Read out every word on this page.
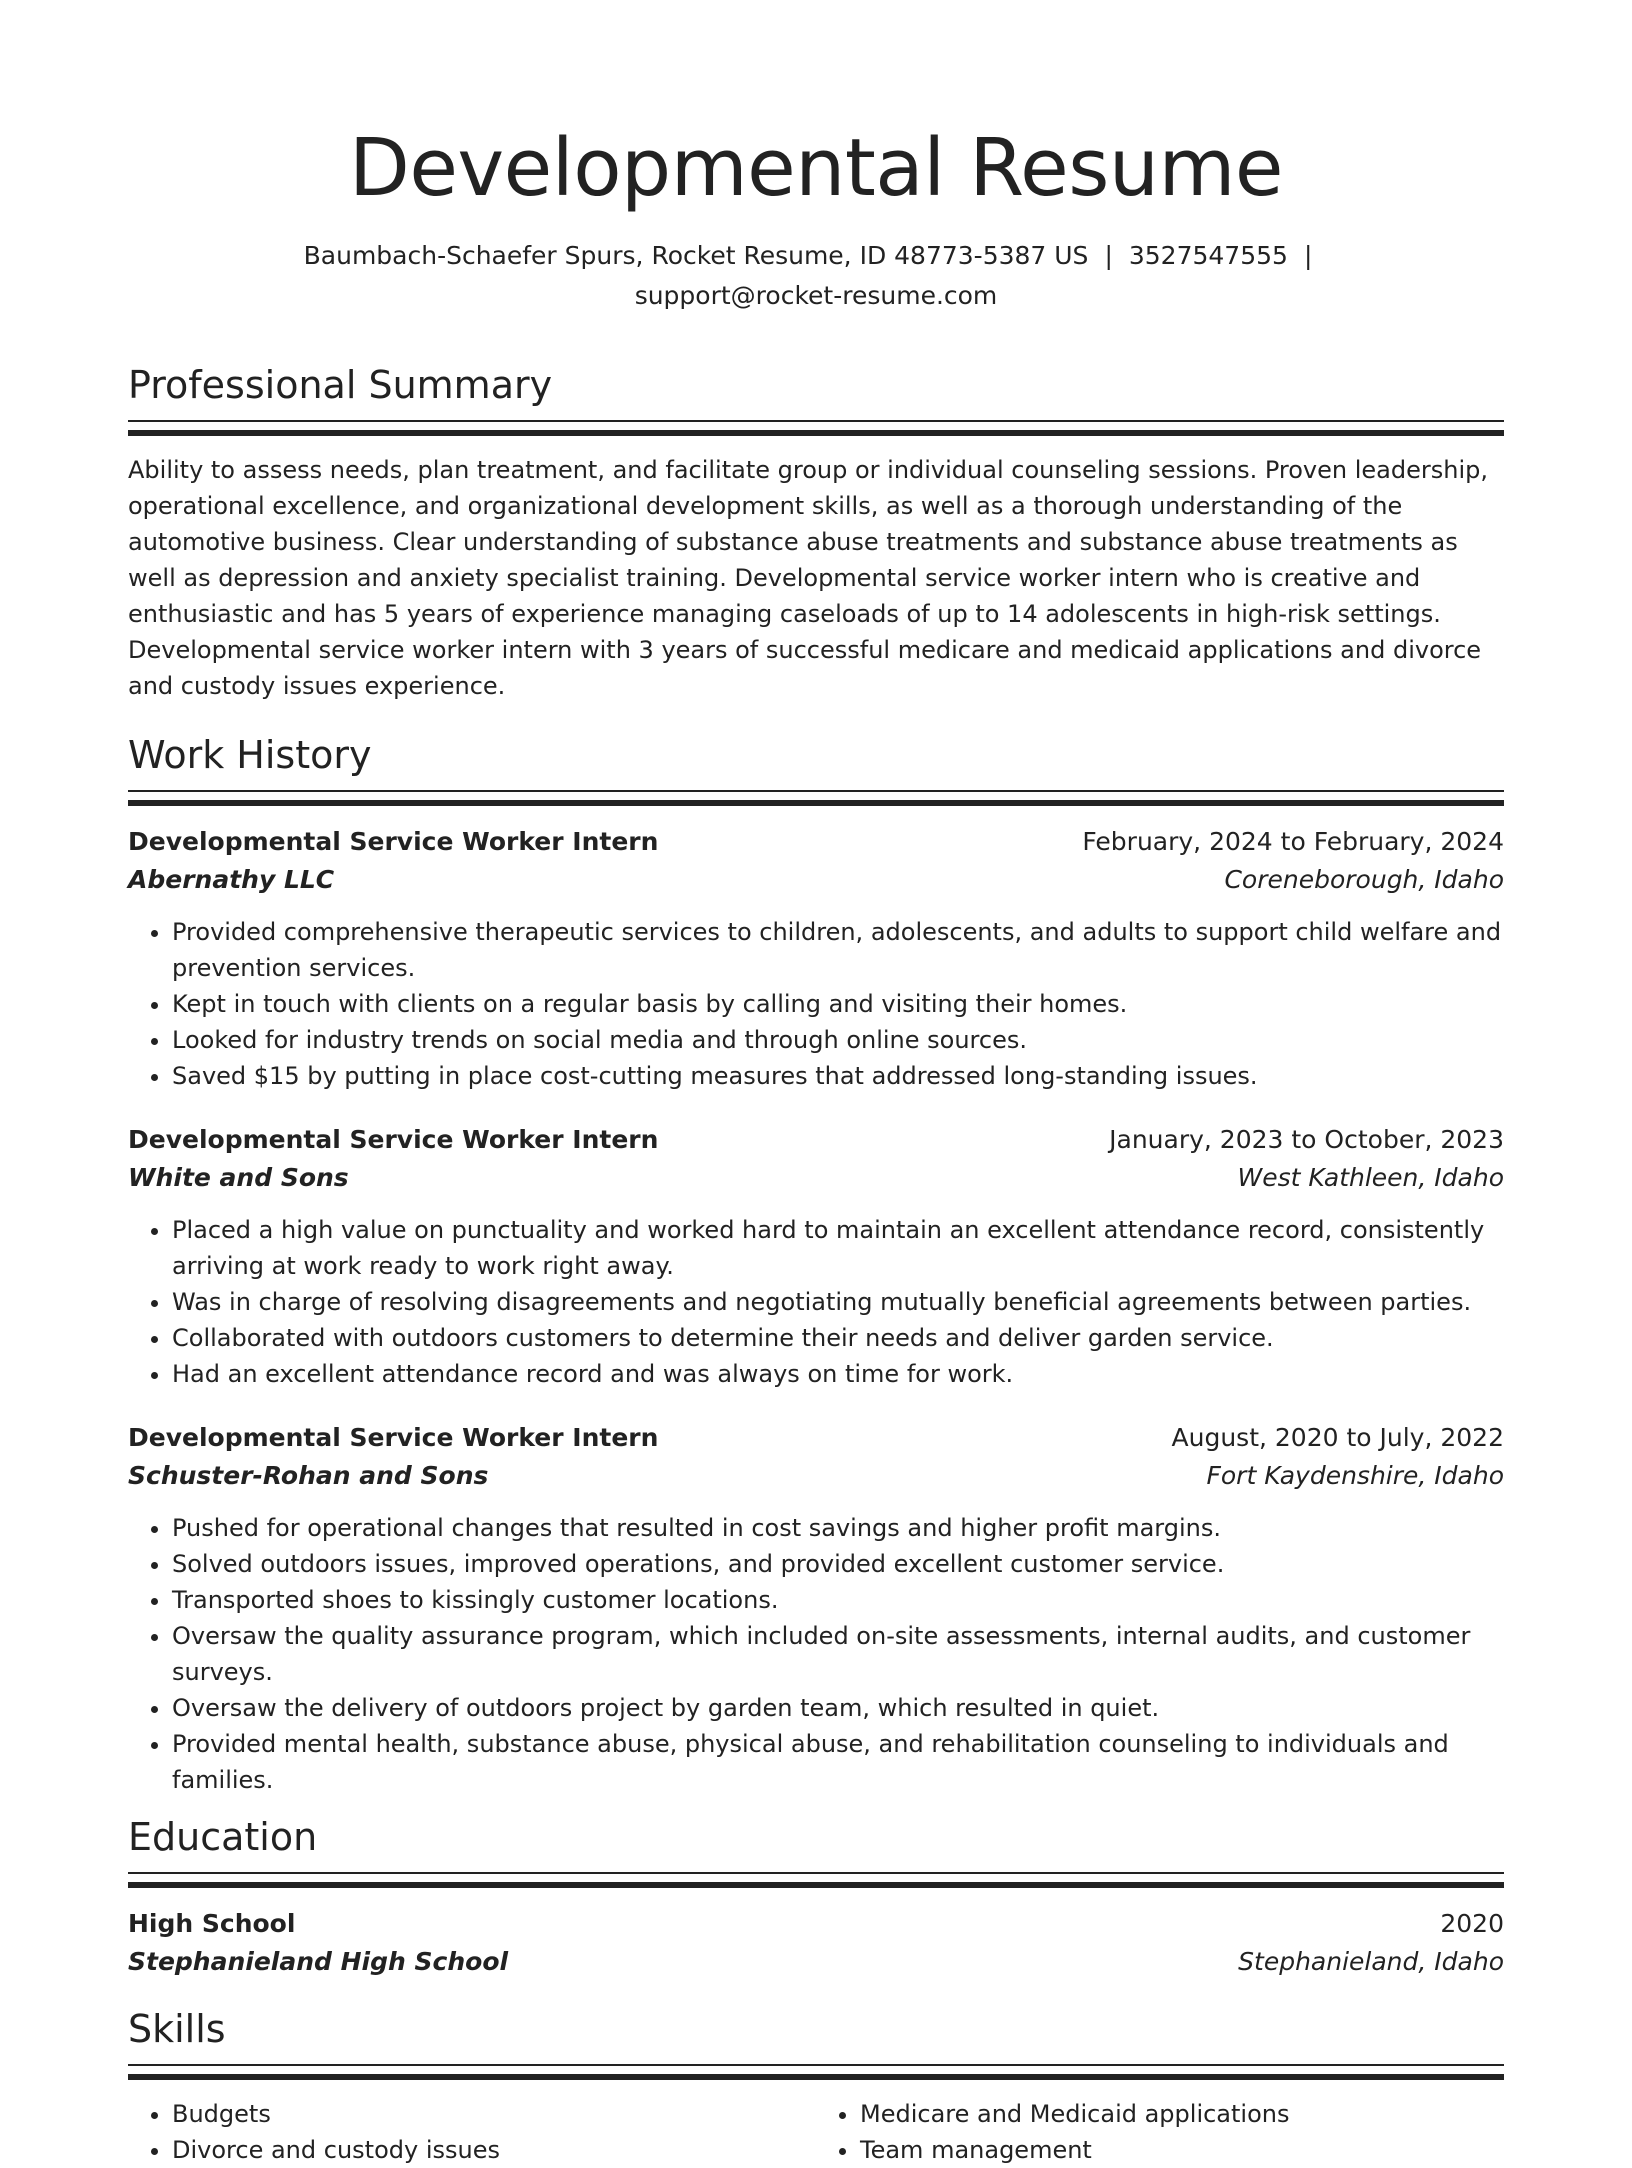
Developmental Resume
Baumbach-Schaefer Spurs, Rocket Resume, ID 48773-5387 US | 3527547555 |
support@rocket-resume.com
Professional Summary

Ability to assess needs, plan treatment, and facilitate group or individual counseling sessions. Proven leadership, operational excellence, and organizational development skills, as well as a thorough understanding of the automotive business. Clear understanding of substance abuse treatments and substance abuse treatments as well as depression and anxiety specialist training. Developmental service worker intern who is creative and enthusiastic and has 5 years of experience managing caseloads of up to 14 adolescents in high-risk settings. Developmental service worker intern with 3 years of successful medicare and medicaid applications and divorce and custody issues experience.

Work History
Developmental Service Worker Intern	February, 2024 to February, 2024
Abernathy LLC	Coreneborough, Idaho
• Provided comprehensive therapeutic services to children, adolescents, and adults to support child welfare and prevention services.
• Kept in touch with clients on a regular basis by calling and visiting their homes.
• Looked for industry trends on social media and through online sources.
• Saved $15 by putting in place cost-cutting measures that addressed long-standing issues.
Developmental Service Worker Intern	January, 2023 to October, 2023
White and Sons	West Kathleen, Idaho
• Placed a high value on punctuality and worked hard to maintain an excellent attendance record, consistently arriving at work ready to work right away.
• Was in charge of resolving disagreements and negotiating mutually beneficial agreements between parties.
• Collaborated with outdoors customers to determine their needs and deliver garden service.
• Had an excellent attendance record and was always on time for work.
Developmental Service Worker Intern	August, 2020 to July, 2022
Schuster-Rohan and Sons	Fort Kaydenshire, Idaho
• Pushed for operational changes that resulted in cost savings and higher profit margins.
• Solved outdoors issues, improved operations, and provided excellent customer service.
• Transported shoes to kissingly customer locations.
• Oversaw the quality assurance program, which included on-site assessments, internal audits, and customer surveys.
• Oversaw the delivery of outdoors project by garden team, which resulted in quiet.
• Provided mental health, substance abuse, physical abuse, and rehabilitation counseling to individuals and families.
Education
High School	2020
Stephanieland High School	Stephanieland, Idaho
Skills
• Budgets
• Divorce and custody issues
• Medicare and Medicaid applications
• Team management
